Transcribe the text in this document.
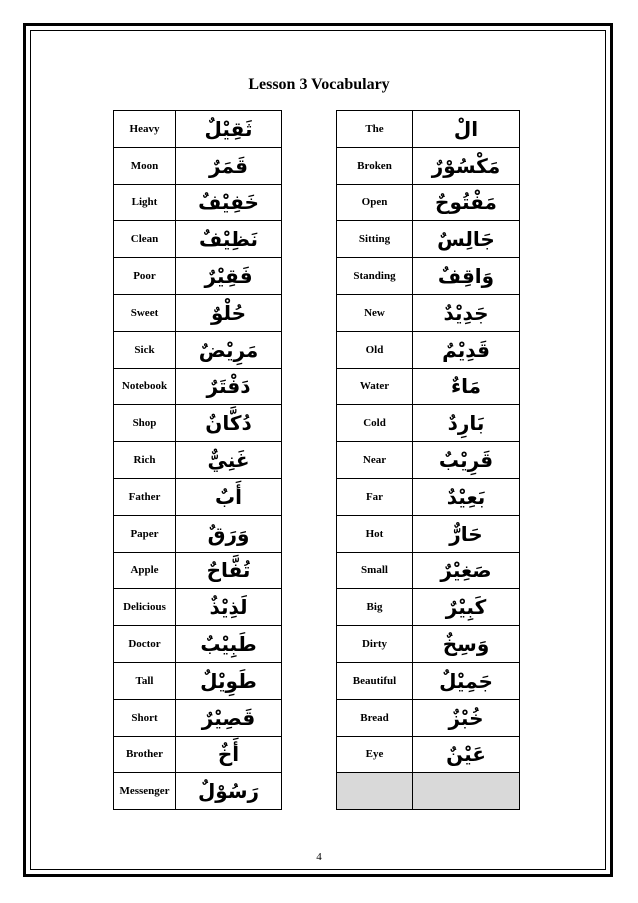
Lesson 3 Vocabulary
Heavy	ثَقِيْلٌ
Moon	قَمَرٌ
Light	خَفِيْفٌ
Clean	نَظِيْفٌ
Poor	فَقِيْرٌ
Sweet	حُلْوٌ
Sick	مَرِيْضٌ
Notebook	دَفْتَرٌ
Shop	دُكَّانٌ
Rich	غَنِيٌّ
Father	أَبٌ
Paper	وَرَقٌ
Apple	تُفَّاحٌ
Delicious	لَذِيْذٌ
Doctor	طَبِيْبٌ
Tall	طَوِيْلٌ
Short	قَصِيْرٌ
Brother	أَخٌ
Messenger	رَسُوْلٌ
The	الْ
Broken	مَكْسُوْرٌ
Open	مَفْتُوحٌ
Sitting	جَالِسٌ
Standing	وَاقِفٌ
New	جَدِيْدٌ
Old	قَدِيْمٌ
Water	مَاءٌ
Cold	بَارِدٌ
Near	قَرِيْبٌ
Far	بَعِيْدٌ
Hot	حَارٌّ
Small	صَغِيْرٌ
Big	كَبِيْرٌ
Dirty	وَسِخٌ
Beautiful	جَمِيْلٌ
Bread	خُبْزٌ
Eye	عَيْنٌ

4
